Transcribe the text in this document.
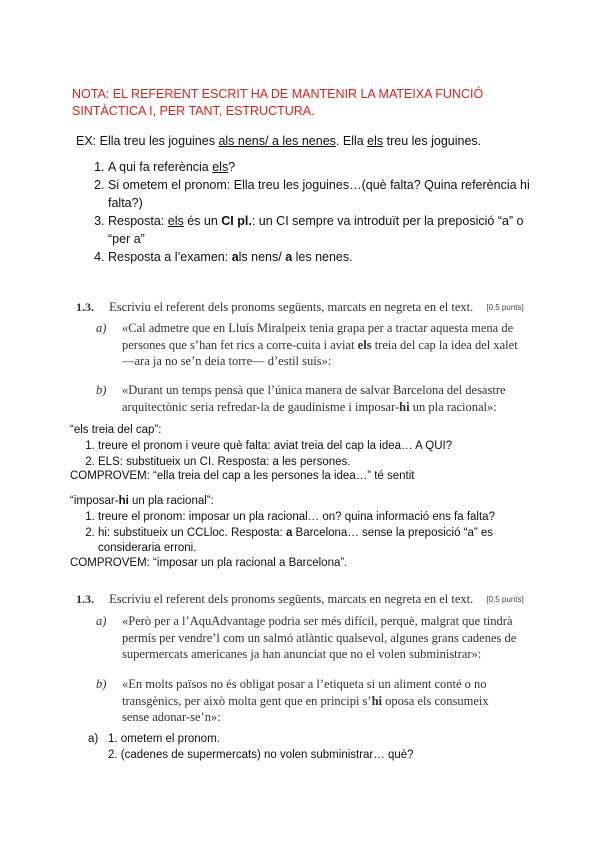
NOTA: EL REFERENT ESCRIT HA DE MANTENIR LA MATEIXA FUNCIÓ SINTÀCTICA I, PER TANT, ESTRUCTURA.
EX: Ella treu les joguines als nens/ a les nenes. Ella els treu les joguines.
1. A qui fa referència els?
2. Si ometem el pronom: Ella treu les joguines…(què falta? Quina referència hi falta?)
3. Resposta: els és un CI pl.: un CI sempre va introduït per la preposició “a” o “per a”
4. Resposta a l’examen: als nens/ a les nenes.
1.3. Escriviu el referent dels pronoms següents, marcats en negreta en el text. [0,5 punts]
a) «Cal admetre que en Lluís Miralpeix tenia grapa per a tractar aquesta mena de persones que s’han fet rics a corre-cuita i aviat els treia del cap la idea del xalet —ara ja no se’n deia torre— d’estil suís»:
b) «Durant un temps pensà que l’única manera de salvar Barcelona del desastre arquitectònic seria refredar-la de gaudinisme i imposar-hi un pla racional»:
“els treia del cap”:
1. treure el pronom i veure què falta: aviat treia del cap la idea… A QUI?
2. ELS: substitueix un CI. Resposta: a les persones.
COMPROVEM: “ella treia del cap a les persones la idea…” té sentit
“imposar-hi un pla racional”:
1. treure el pronom: imposar un pla racional… on? quina informació ens fa falta?
2. hi: substitueix un CCLloc. Resposta: a Barcelona… sense la preposició “a” es consideraria erroni.
COMPROVEM: “imposar un pla racional a Barcelona”.
1.3. Escriviu el referent dels pronoms següents, marcats en negreta en el text. [0,5 punts]
a) «Però per a l’AquAdvantage podria ser més difícil, perquè, malgrat que tindrà permís per vendre’l com un salmó atlàntic qualsevol, algunes grans cadenes de supermercats americanes ja han anunciat que no el volen subministrar»:
b) «En molts països no és obligat posar a l’etiqueta si un aliment conté o no transgènics, per això molta gent que en principi s’hi oposa els consumeix sense adonar-se’n»:
a) 1. ometem el pronom.
2. (cadenes de supermercats) no volen subministrar… què?
